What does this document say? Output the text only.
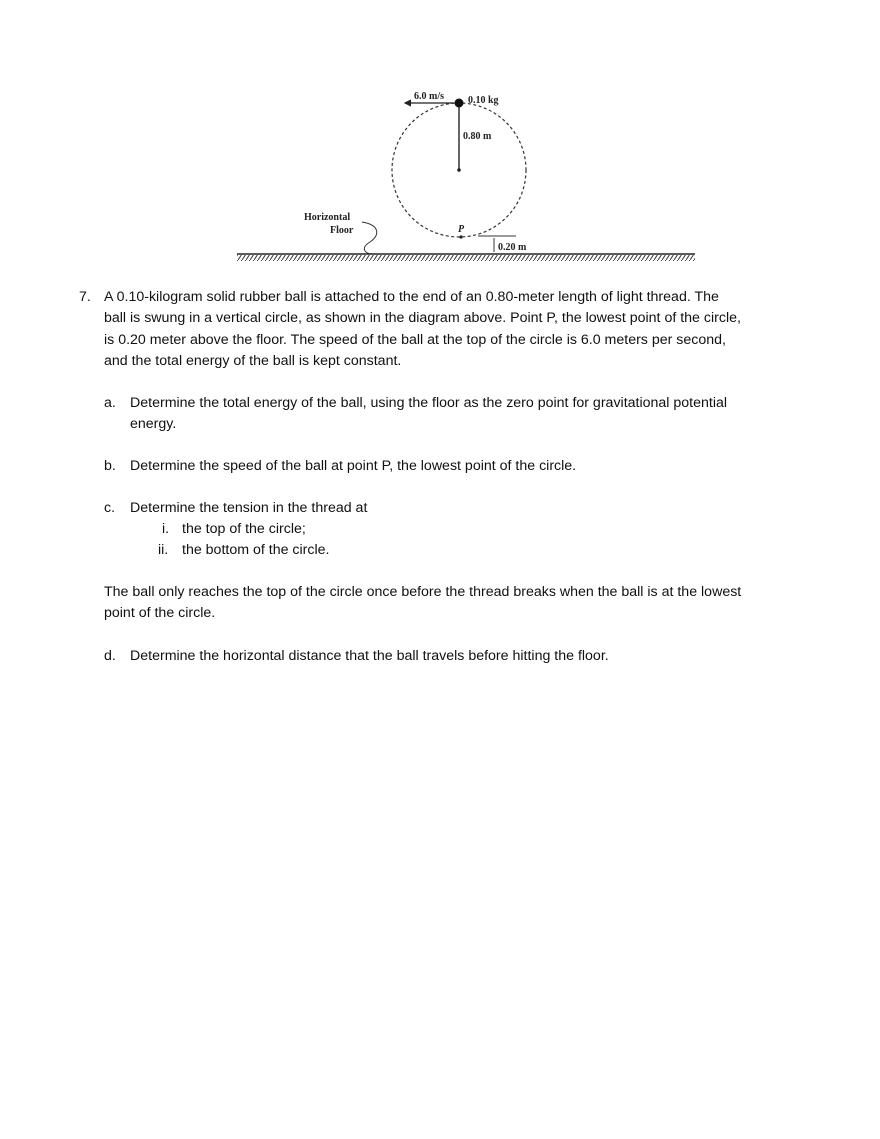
6.0 m/s 0.10 kg
0.80 m
P
0.20 m
Horizontal
Floor
7. A 0.10-kilogram solid rubber ball is attached to the end of an 0.80-meter length of light thread. The
ball is swung in a vertical circle, as shown in the diagram above. Point P, the lowest point of the circle,
is 0.20 meter above the floor. The speed of the ball at the top of the circle is 6.0 meters per second,
and the total energy of the ball is kept constant.
a. Determine the total energy of the ball, using the floor as the zero point for gravitational potential
energy.
b. Determine the speed of the ball at point P, the lowest point of the circle.
c. Determine the tension in the thread at
i. the top of the circle;
ii. the bottom of the circle.
The ball only reaches the top of the circle once before the thread breaks when the ball is at the lowest
point of the circle.
d. Determine the horizontal distance that the ball travels before hitting the floor.
